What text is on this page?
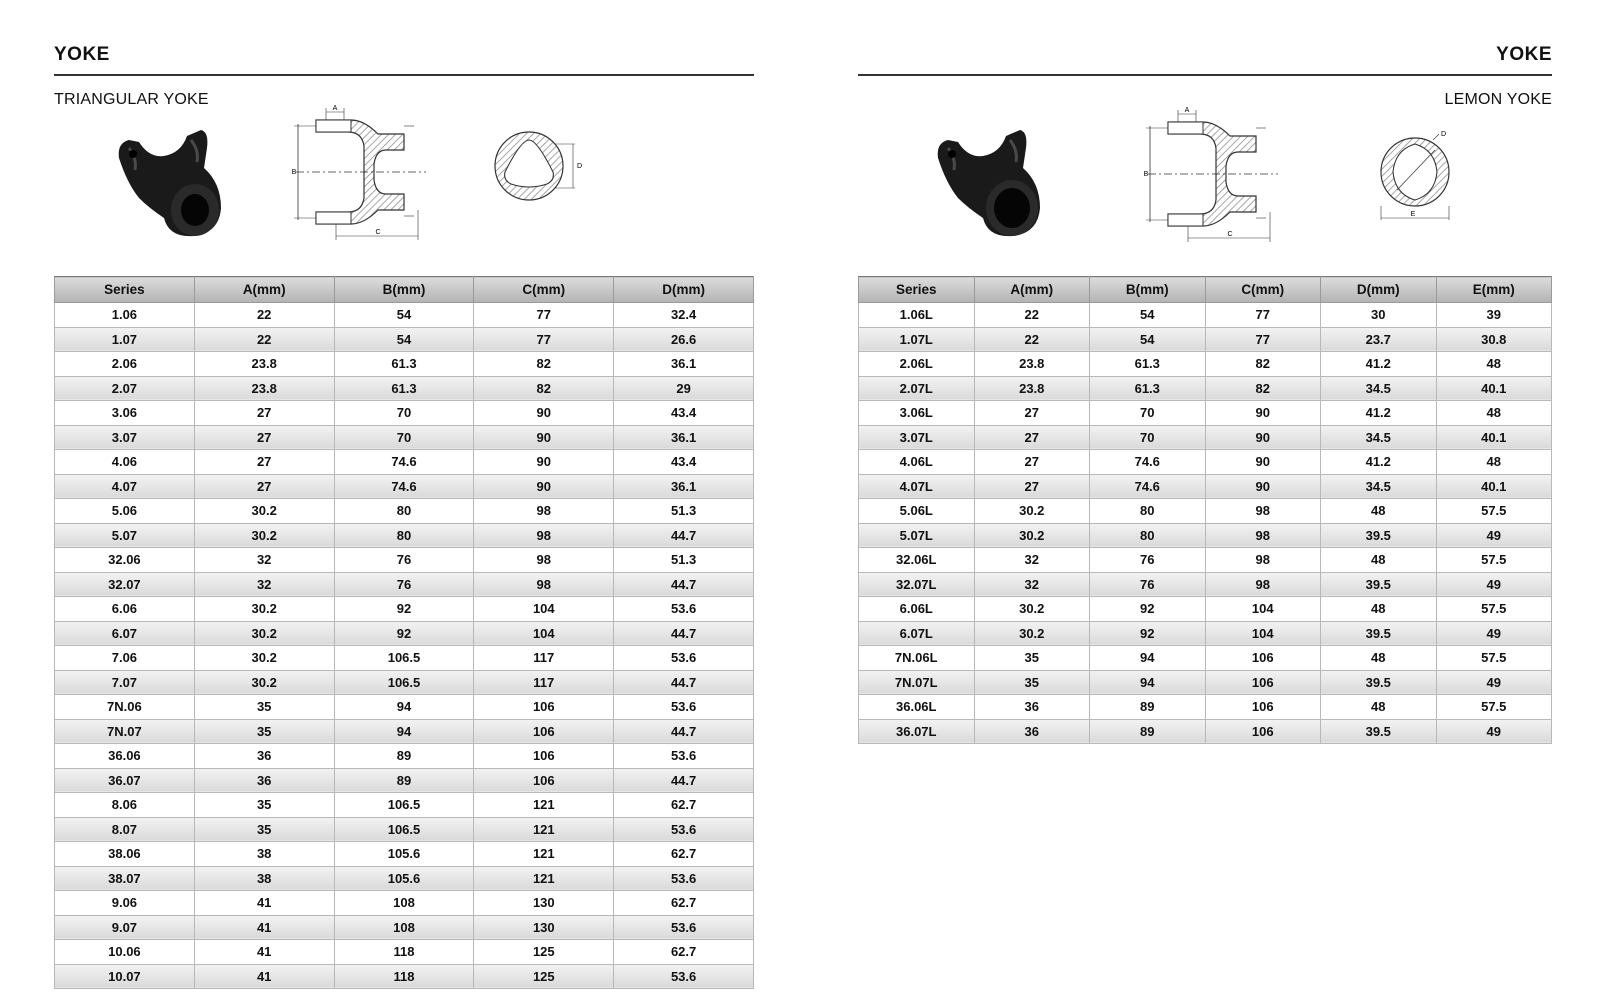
YOKE
TRIANGULAR YOKE
A
B
C
D
Series	A(mm)	B(mm)	C(mm)	D(mm)
1.06	22	54	77	32.4
1.07	22	54	77	26.6
2.06	23.8	61.3	82	36.1
2.07	23.8	61.3	82	29
3.06	27	70	90	43.4
3.07	27	70	90	36.1
4.06	27	74.6	90	43.4
4.07	27	74.6	90	36.1
5.06	30.2	80	98	51.3
5.07	30.2	80	98	44.7
32.06	32	76	98	51.3
32.07	32	76	98	44.7
6.06	30.2	92	104	53.6
6.07	30.2	92	104	44.7
7.06	30.2	106.5	117	53.6
7.07	30.2	106.5	117	44.7
7N.06	35	94	106	53.6
7N.07	35	94	106	44.7
36.06	36	89	106	53.6
36.07	36	89	106	44.7
8.06	35	106.5	121	62.7
8.07	35	106.5	121	53.6
38.06	38	105.6	121	62.7
38.07	38	105.6	121	53.6
9.06	41	108	130	62.7
9.07	41	108	130	53.6
10.06	41	118	125	62.7
10.07	41	118	125	53.6
YOKE
LEMON YOKE
A
B
C
D
E
Series	A(mm)	B(mm)	C(mm)	D(mm)	E(mm)
1.06L	22	54	77	30	39
1.07L	22	54	77	23.7	30.8
2.06L	23.8	61.3	82	41.2	48
2.07L	23.8	61.3	82	34.5	40.1
3.06L	27	70	90	41.2	48
3.07L	27	70	90	34.5	40.1
4.06L	27	74.6	90	41.2	48
4.07L	27	74.6	90	34.5	40.1
5.06L	30.2	80	98	48	57.5
5.07L	30.2	80	98	39.5	49
32.06L	32	76	98	48	57.5
32.07L	32	76	98	39.5	49
6.06L	30.2	92	104	48	57.5
6.07L	30.2	92	104	39.5	49
7N.06L	35	94	106	48	57.5
7N.07L	35	94	106	39.5	49
36.06L	36	89	106	48	57.5
36.07L	36	89	106	39.5	49
